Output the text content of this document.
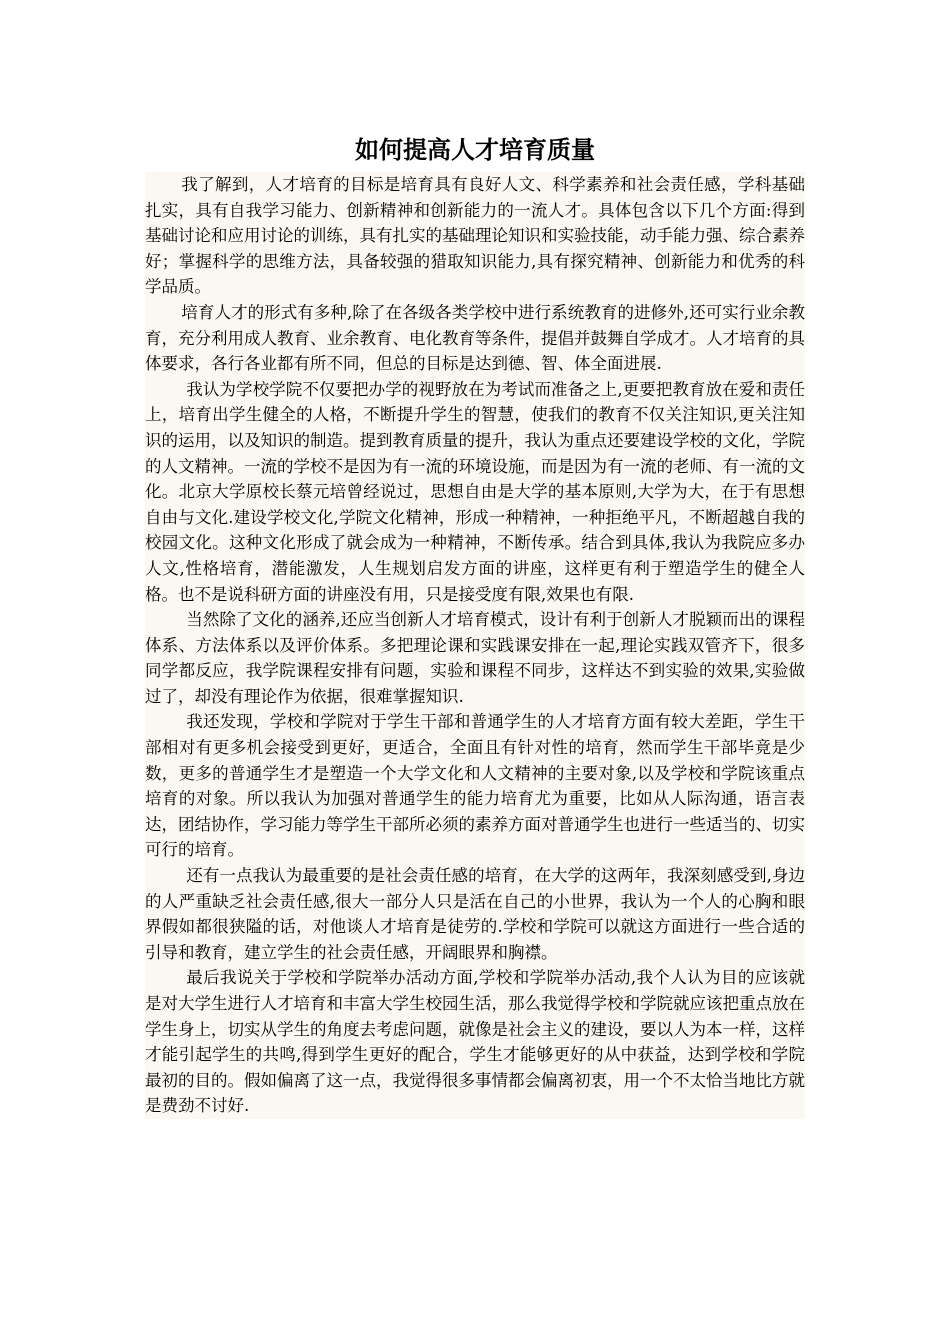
如何提高人才培育质量

我了解到，人才培育的目标是培育具有良好人文、科学素养和社会责任感，学科基础扎实，具有自我学习能力、创新精神和创新能力的一流人才。具体包含以下几个方面:得到基础讨论和应用讨论的训练，具有扎实的基础理论知识和实验技能，动手能力强、综合素养好；掌握科学的思维方法，具备较强的猎取知识能力,具有探究精神、创新能力和优秀的科学品质。

培育人才的形式有多种,除了在各级各类学校中进行系统教育的进修外,还可实行业余教育，充分利用成人教育、业余教育、电化教育等条件，提倡并鼓舞自学成才。人才培育的具体要求，各行各业都有所不同，但总的目标是达到德、智、体全面进展.

我认为学校学院不仅要把办学的视野放在为考试而准备之上,更要把教育放在爱和责任上，培育出学生健全的人格，不断提升学生的智慧，使我们的教育不仅关注知识,更关注知识的运用，以及知识的制造。提到教育质量的提升，我认为重点还要建设学校的文化，学院的人文精神。一流的学校不是因为有一流的环境设施，而是因为有一流的老师、有一流的文化。北京大学原校长蔡元培曾经说过，思想自由是大学的基本原则,大学为大，在于有思想自由与文化.建设学校文化,学院文化精神，形成一种精神，一种拒绝平凡，不断超越自我的校园文化。这种文化形成了就会成为一种精神，不断传承。结合到具体,我认为我院应多办人文,性格培育，潜能激发，人生规划启发方面的讲座，这样更有利于塑造学生的健全人格。也不是说科研方面的讲座没有用，只是接受度有限,效果也有限.

当然除了文化的涵养,还应当创新人才培育模式，设计有利于创新人才脱颖而出的课程体系、方法体系以及评价体系。多把理论课和实践课安排在一起,理论实践双管齐下，很多同学都反应，我学院课程安排有问题，实验和课程不同步，这样达不到实验的效果,实验做过了，却没有理论作为依据，很难掌握知识.

我还发现，学校和学院对于学生干部和普通学生的人才培育方面有较大差距，学生干部相对有更多机会接受到更好，更适合，全面且有针对性的培育，然而学生干部毕竟是少数，更多的普通学生才是塑造一个大学文化和人文精神的主要对象,以及学校和学院该重点培育的对象。所以我认为加强对普通学生的能力培育尤为重要，比如从人际沟通，语言表达，团结协作，学习能力等学生干部所必须的素养方面对普通学生也进行一些适当的、切实可行的培育。

还有一点我认为最重要的是社会责任感的培育，在大学的这两年，我深刻感受到,身边的人严重缺乏社会责任感,很大一部分人只是活在自己的小世界，我认为一个人的心胸和眼界假如都很狭隘的话，对他谈人才培育是徒劳的.学校和学院可以就这方面进行一些合适的引导和教育，建立学生的社会责任感，开阔眼界和胸襟。

最后我说关于学校和学院举办活动方面,学校和学院举办活动,我个人认为目的应该就是对大学生进行人才培育和丰富大学生校园生活，那么我觉得学校和学院就应该把重点放在学生身上，切实从学生的角度去考虑问题，就像是社会主义的建设，要以人为本一样，这样才能引起学生的共鸣,得到学生更好的配合，学生才能够更好的从中获益，达到学校和学院最初的目的。假如偏离了这一点，我觉得很多事情都会偏离初衷，用一个不太恰当地比方就是费劲不讨好.
